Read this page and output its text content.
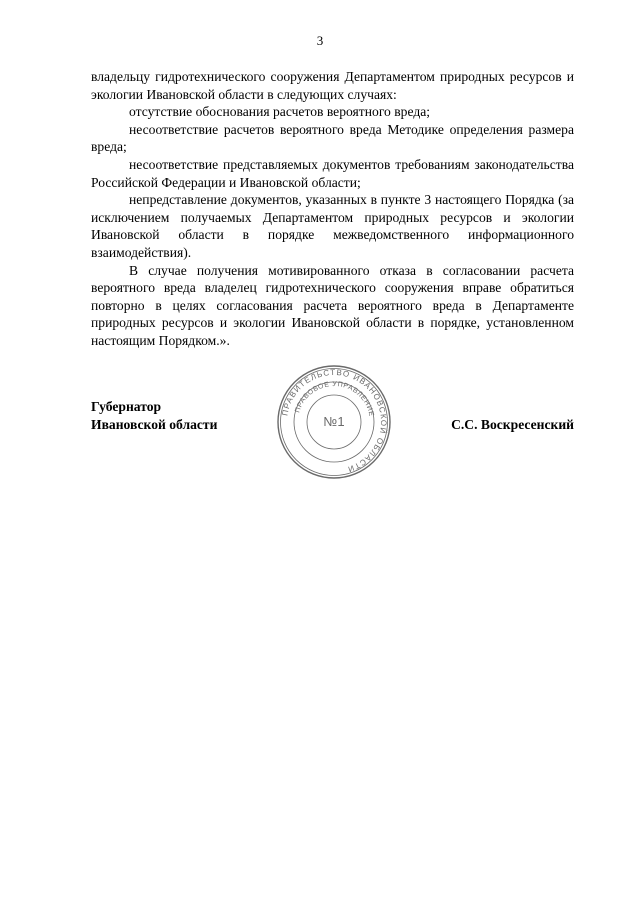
3

владельцу гидротехнического сооружения Департаментом природных ресурсов и экологии Ивановской области в следующих случаях:

отсутствие обоснования расчетов вероятного вреда;

несоответствие расчетов вероятного вреда Методике определения размера вреда;

несоответствие представляемых документов требованиям законодательства Российской Федерации и Ивановской области;

непредставление документов, указанных в пункте 3 настоящего Порядка (за исключением получаемых Департаментом природных ресурсов и экологии Ивановской области в порядке межведомственного информационного взаимодействия).

В случае получения мотивированного отказа в согласовании расчета вероятного вреда владелец гидротехнического сооружения вправе обратиться повторно в целях согласования расчета вероятного вреда в Департаменте природных ресурсов и экологии Ивановской области в порядке, установленном настоящим Порядком.».

Губернатор
Ивановской области	С.С. Воскресенский
ПРАВИТЕЛЬСТВО ИВАНОВСКОЙ ОБЛАСТИ
ПРАВОВОЕ УПРАВЛЕНИЕ
№1
